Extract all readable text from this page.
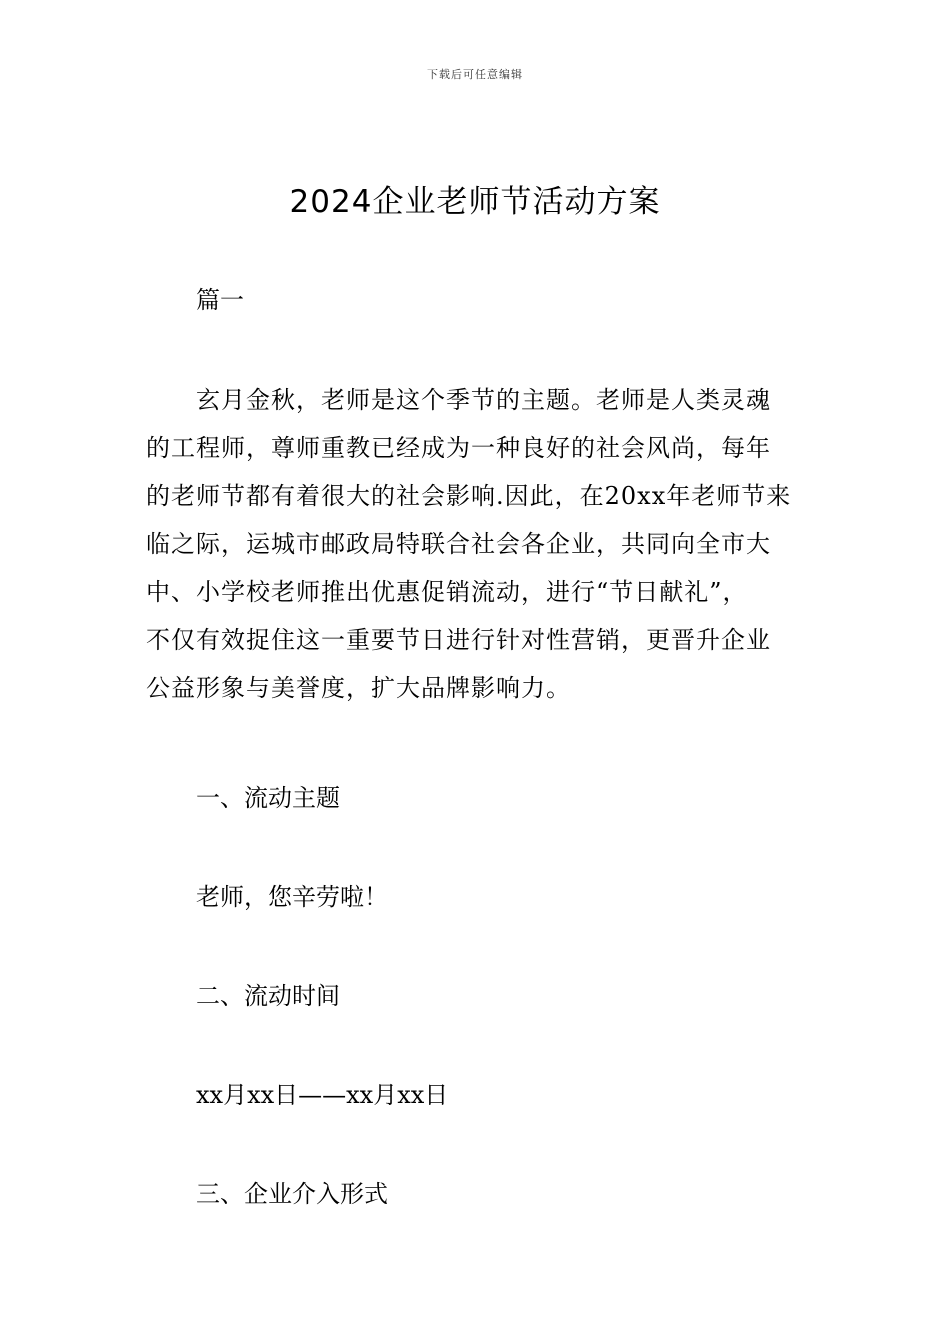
下载后可任意编辑
2024企业老师节活动方案
篇一
玄月金秋，老师是这个季节的主题。老师是人类灵魂
的工程师，尊师重教已经成为一种良好的社会风尚，每年
的老师节都有着很大的社会影响.因此，在20xx年老师节来
临之际，运城市邮政局特联合社会各企业，共同向全市大
中、小学校老师推出优惠促销流动，进行“节日献礼”，
不仅有效捉住这一重要节日进行针对性营销，更晋升企业
公益形象与美誉度，扩大品牌影响力。
一、流动主题
老师，您辛劳啦！
二、流动时间
xx月xx日——xx月xx日
三、企业介入形式
